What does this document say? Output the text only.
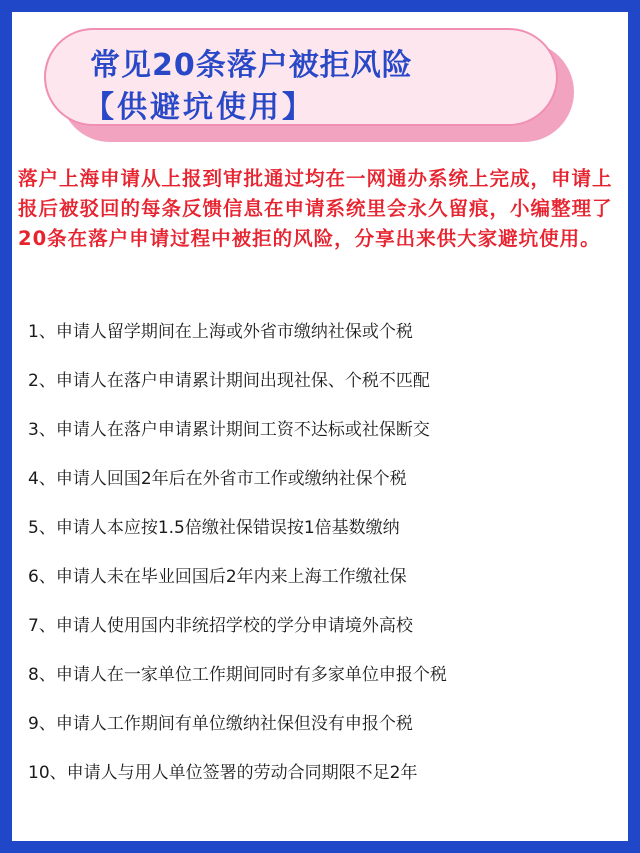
常见20条落户被拒风险
【供避坑使用】
落户上海申请从上报到审批通过均在一网通办系统上完成，申请上报后被驳回的每条反馈信息在申请系统里会永久留痕，小编整理了20条在落户申请过程中被拒的风险，分享出来供大家避坑使用。
1、申请人留学期间在上海或外省市缴纳社保或个税
2、申请人在落户申请累计期间出现社保、个税不匹配
3、申请人在落户申请累计期间工资不达标或社保断交
4、申请人回国2年后在外省市工作或缴纳社保个税
5、申请人本应按1.5倍缴社保错误按1倍基数缴纳
6、申请人未在毕业回国后2年内来上海工作缴社保
7、申请人使用国内非统招学校的学分申请境外高校
8、申请人在一家单位工作期间同时有多家单位申报个税
9、申请人工作期间有单位缴纳社保但没有申报个税
10、申请人与用人单位签署的劳动合同期限不足2年
